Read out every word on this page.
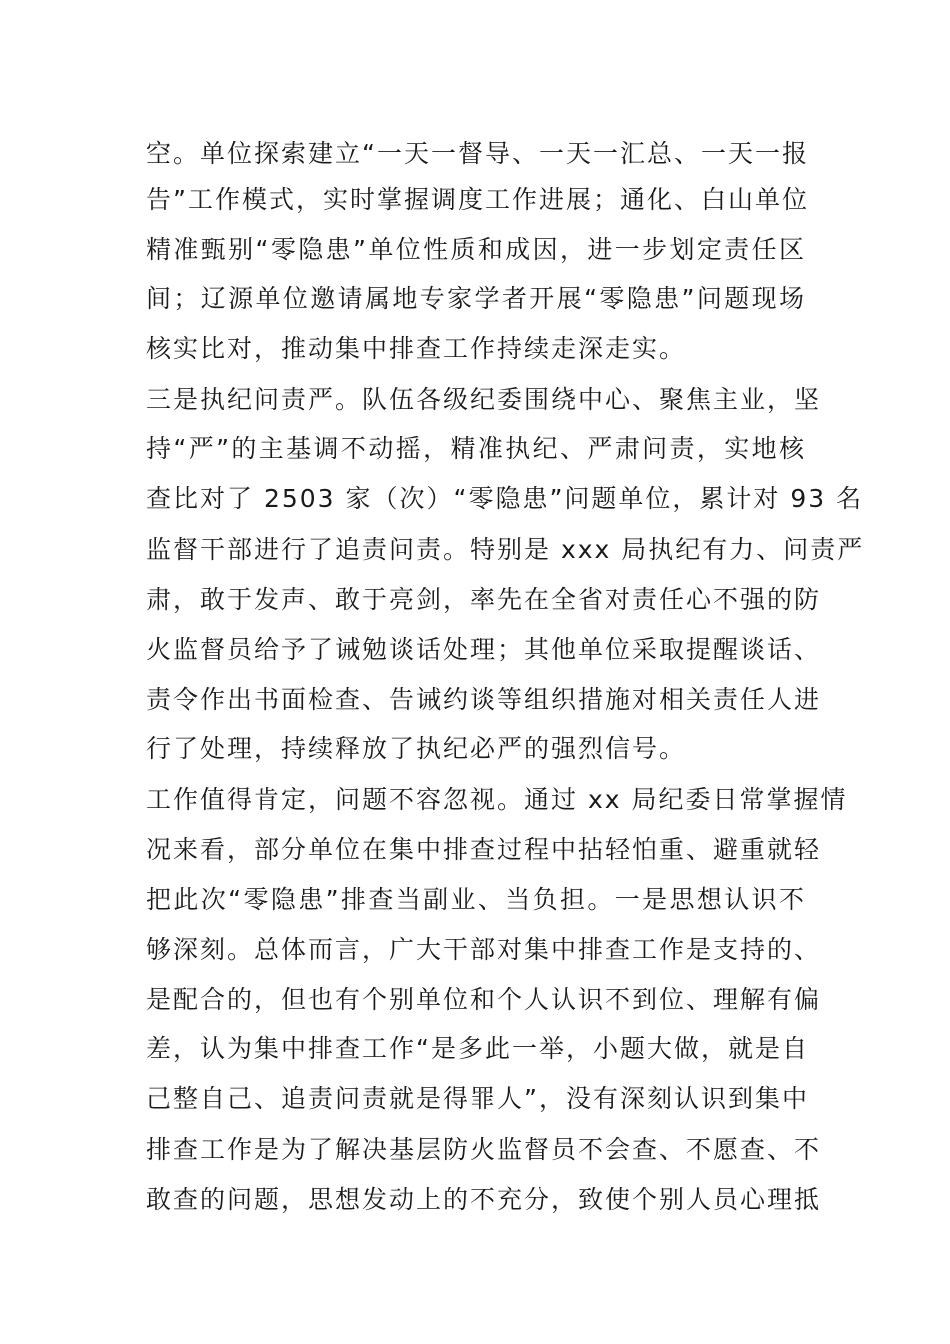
空。单位探索建立“一天一督导、一天一汇总、一天一报
告”工作模式，实时掌握调度工作进展；通化、白山单位
精准甄别“零隐患”单位性质和成因，进一步划定责任区
间；辽源单位邀请属地专家学者开展“零隐患”问题现场
核实比对，推动集中排查工作持续走深走实。
三是执纪问责严。队伍各级纪委围绕中心、聚焦主业，坚
持“严”的主基调不动摇，精准执纪、严肃问责，实地核
查比对了 2503 家（次）“零隐患”问题单位，累计对 93 名
监督干部进行了追责问责。特别是 xxx 局执纪有力、问责严
肃，敢于发声、敢于亮剑，率先在全省对责任心不强的防
火监督员给予了诫勉谈话处理；其他单位采取提醒谈话、
责令作出书面检查、告诫约谈等组织措施对相关责任人进
行了处理，持续释放了执纪必严的强烈信号。
工作值得肯定，问题不容忽视。通过 xx 局纪委日常掌握情
况来看，部分单位在集中排查过程中拈轻怕重、避重就轻
把此次“零隐患”排查当副业、当负担。一是思想认识不
够深刻。总体而言，广大干部对集中排查工作是支持的、
是配合的，但也有个别单位和个人认识不到位、理解有偏
差，认为集中排查工作“是多此一举，小题大做，就是自
己整自己、追责问责就是得罪人”，没有深刻认识到集中
排查工作是为了解决基层防火监督员不会查、不愿查、不
敢查的问题，思想发动上的不充分，致使个别人员心理抵
